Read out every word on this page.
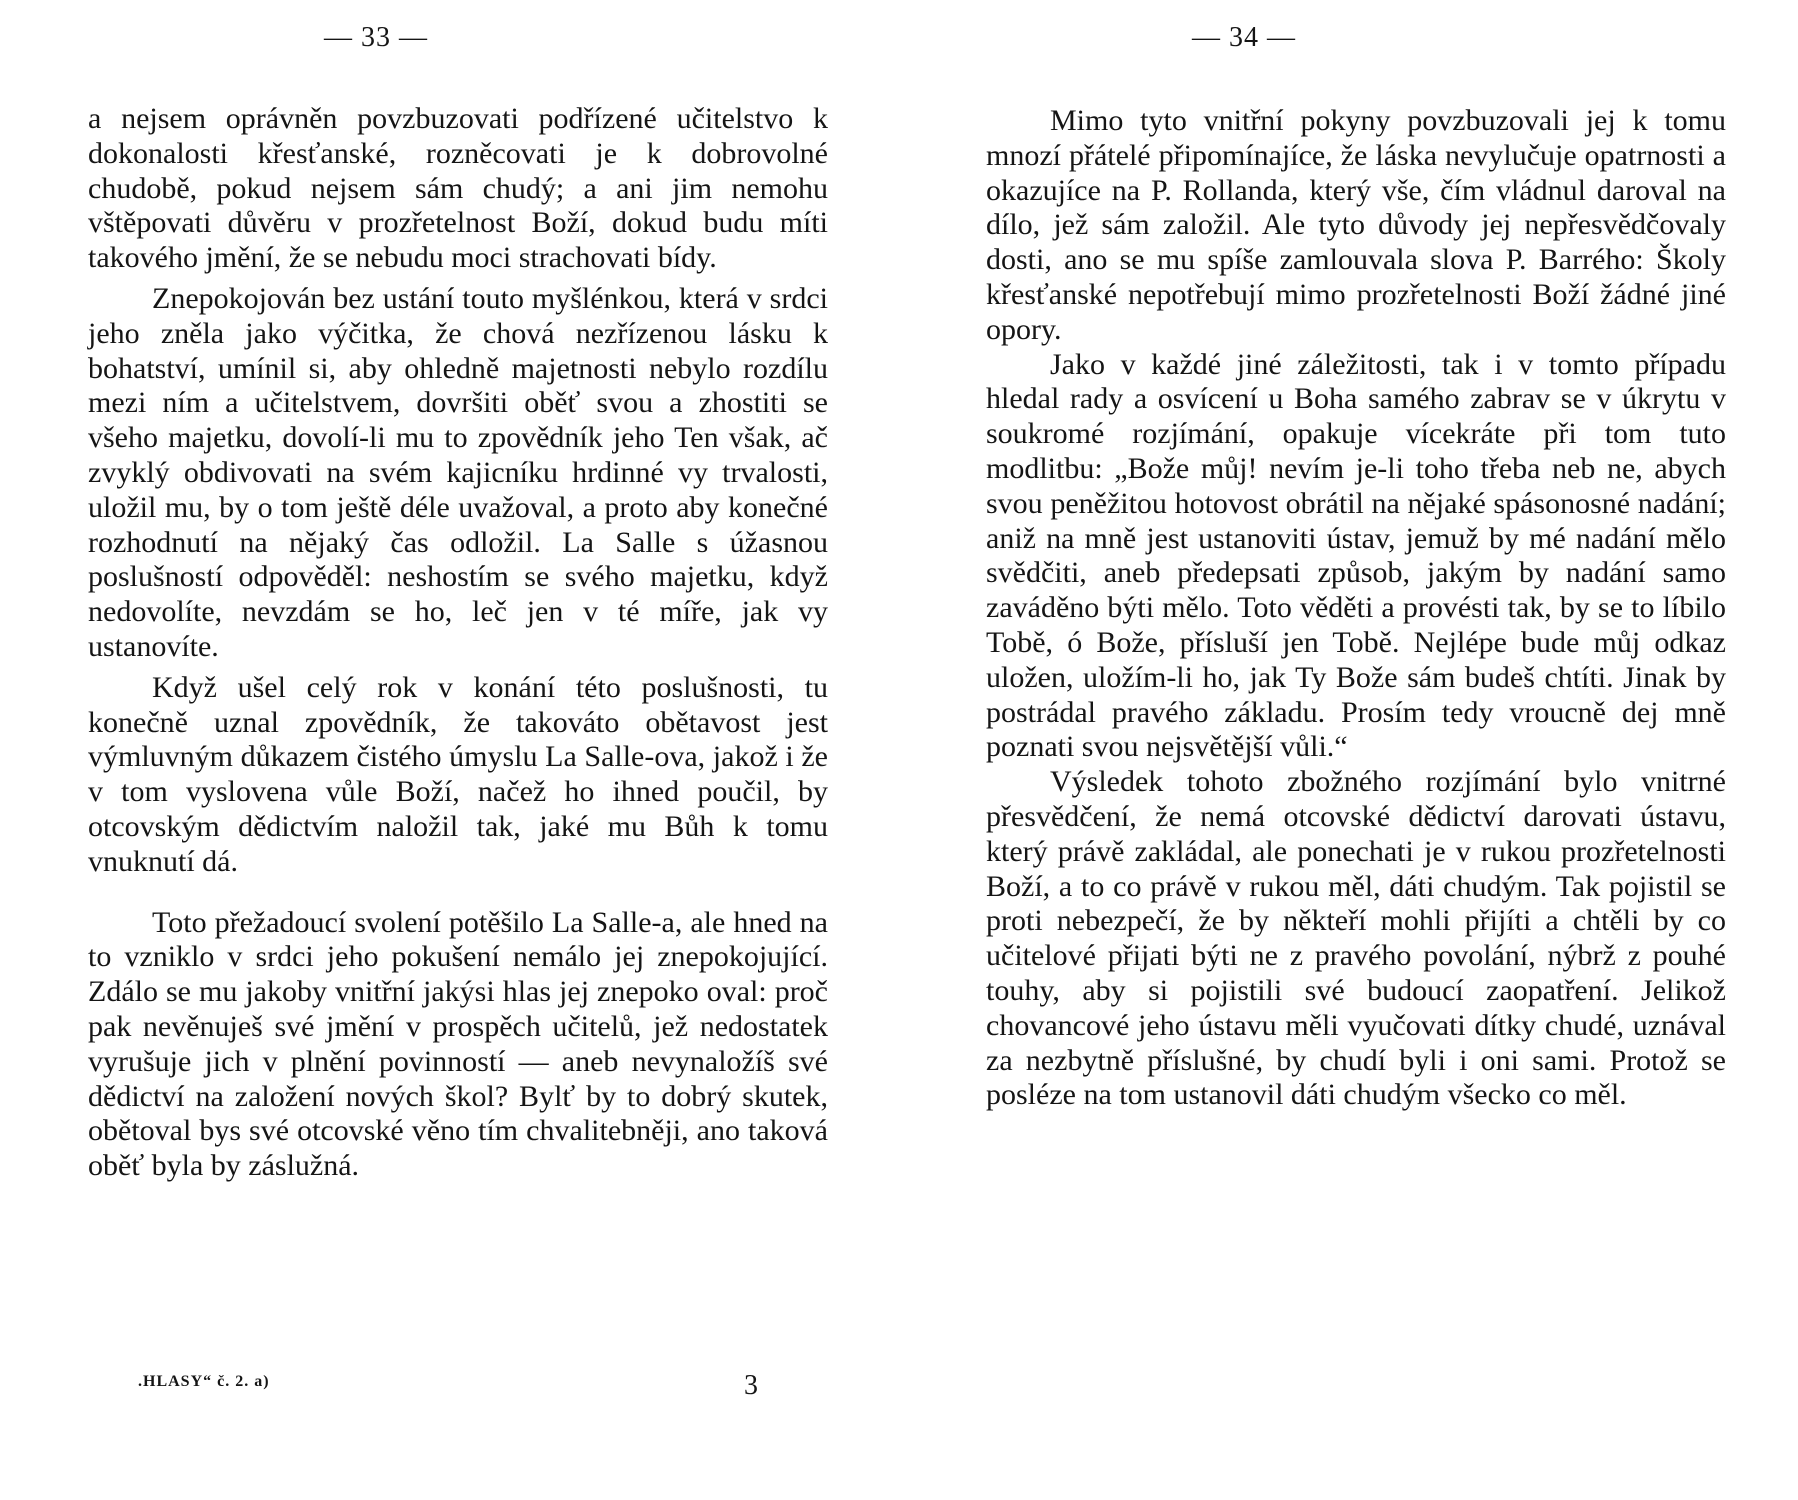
— 33 —

a nejsem oprávněn povzbuzovati podřízené učitelstvo k dokonalosti křesťanské, rozněcovati je k dobrovolné chudobě, pokud nejsem sám chudý; a ani jim nemohu vštěpovati důvěru v prozřetelnost Boží, dokud budu míti takového jmění, že se nebudu moci strachovati bídy.

Znepokojován bez ustání touto myšlénkou, která v srdci jeho zněla jako výčitka, že chová nezřízenou lásku k bohatství, umínil si, aby ohledně majetnosti nebylo rozdílu mezi ním a učitelstvem, dovršiti oběť svou a zhostiti se všeho majetku, dovolí-li mu to zpovědník jeho Ten však, ač zvyklý obdivovati na svém kajicníku hrdinné vy trvalosti, uložil mu, by o tom ještě déle uvažoval, a proto aby konečné rozhodnutí na nějaký čas odložil. La Salle s úžasnou poslušností odpověděl: neshostím se svého majetku, když nedovolíte, nevzdám se ho, leč jen v té míře, jak vy ustanovíte.

Když ušel celý rok v konání této poslušnosti, tu konečně uznal zpovědník, že takováto obětavost jest výmluvným důkazem čistého úmyslu La Salle-ova, jakož i že v tom vyslovena vůle Boží, načež ho ihned poučil, by otcovským dědictvím naložil tak, jaké mu Bůh k tomu vnuknutí dá.

Toto přežadoucí svolení potěšilo La Salle-a, ale hned na to vzniklo v srdci jeho pokušení nemálo jej znepokojující. Zdálo se mu jakoby vnitřní jakýsi hlas jej znepoko oval: proč pak nevěnuješ své jmění v prospěch učitelů, jež nedostatek vyrušuje jich v plnění povinností — aneb nevynaložíš své dědictví na založení nových škol? Bylť by to dobrý skutek, obětoval bys své otcovské věno tím chvalitebněji, ano taková oběť byla by záslužná.

.HLASY“ č. 2. a)	3
— 34 —

Mimo tyto vnitřní pokyny povzbuzovali jej k tomu mnozí přátelé připomínajíce, že láska nevylučuje opatrnosti a okazujíce na P. Rollanda, který vše, čím vládnul daroval na dílo, jež sám založil. Ale tyto důvody jej nepřesvědčovaly dosti, ano se mu spíše zamlouvala slova P. Barrého: Školy křesťanské nepotřebují mimo prozřetelnosti Boží žádné jiné opory.

Jako v každé jiné záležitosti, tak i v tomto případu hledal rady a osvícení u Boha samého zabrav se v úkrytu v soukromé rozjímání, opakuje vícekráte při tom tuto modlitbu: „Bože můj! nevím je-li toho třeba neb ne, abych svou peněžitou hotovost obrátil na nějaké spásonosné nadání; aniž na mně jest ustanoviti ústav, jemuž by mé nadání mělo svědčiti, aneb předepsati způsob, jakým by nadání samo zaváděno býti mělo. Toto věděti a provésti tak, by se to líbilo Tobě, ó Bože, přísluší jen Tobě. Nejlépe bude můj odkaz uložen, uložím-li ho, jak Ty Bože sám budeš chtíti. Jinak by postrádal pravého základu. Prosím tedy vroucně dej mně poznati svou nejsvětější vůli.“

Výsledek tohoto zbožného rozjímání bylo vnitrné přesvědčení, že nemá otcovské dědictví darovati ústavu, který právě zakládal, ale ponechati je v rukou prozřetelnosti Boží, a to co právě v rukou měl, dáti chudým. Tak pojistil se proti nebezpečí, že by někteří mohli přijíti a chtěli by co učitelové přijati býti ne z pravého povolání, nýbrž z pouhé touhy, aby si pojistili své budoucí zaopatření. Jelikož chovancové jeho ústavu měli vyučovati dítky chudé, uznával za nezbytně příslušné, by chudí byli i oni sami. Protož se posléze na tom ustanovil dáti chudým všecko co měl.
